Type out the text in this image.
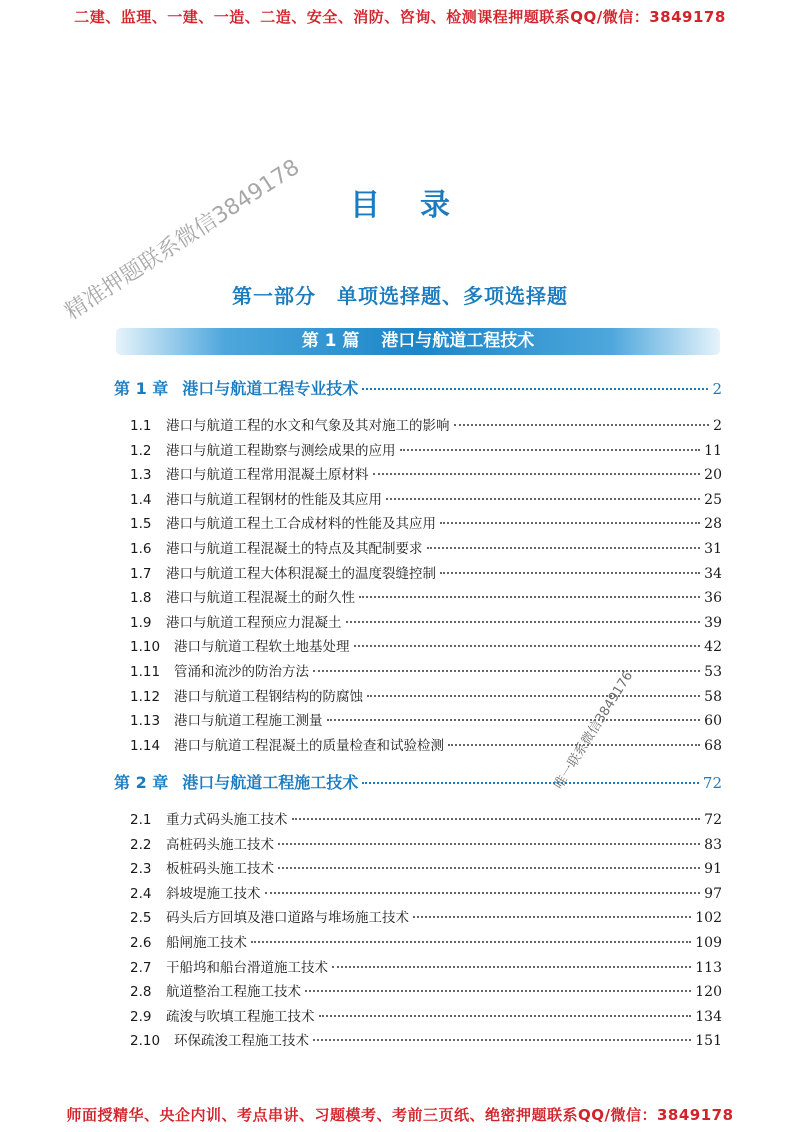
二建、监理、一建、一造、二造、安全、消防、咨询、检测课程押题联系QQ/微信：3849178
精准押题联系微信3849178
唯一联系微信3849176
目录
第一部分　单项选择题、多项选择题
第 1 篇 港口与航道工程技术
第 1 章 港口与航道工程专业技术	2
1.1	港口与航道工程的水文和气象及其对施工的影响	2
1.2	港口与航道工程勘察与测绘成果的应用	11
1.3	港口与航道工程常用混凝土原材料	20
1.4	港口与航道工程钢材的性能及其应用	25
1.5	港口与航道工程土工合成材料的性能及其应用	28
1.6	港口与航道工程混凝土的特点及其配制要求	31
1.7	港口与航道工程大体积混凝土的温度裂缝控制	34
1.8	港口与航道工程混凝土的耐久性	36
1.9	港口与航道工程预应力混凝土	39
1.10	港口与航道工程软土地基处理	42
1.11	管涌和流沙的防治方法	53
1.12	港口与航道工程钢结构的防腐蚀	58
1.13	港口与航道工程施工测量	60
1.14	港口与航道工程混凝土的质量检查和试验检测	68
第 2 章 港口与航道工程施工技术	72
2.1	重力式码头施工技术	72
2.2	高桩码头施工技术	83
2.3	板桩码头施工技术	91
2.4	斜坡堤施工技术	97
2.5	码头后方回填及港口道路与堆场施工技术	102
2.6	船闸施工技术	109
2.7	干船坞和船台滑道施工技术	113
2.8	航道整治工程施工技术	120
2.9	疏浚与吹填工程施工技术	134
2.10	环保疏浚工程施工技术	151
师面授精华、央企内训、考点串讲、习题模考、考前三页纸、绝密押题联系QQ/微信：3849178
